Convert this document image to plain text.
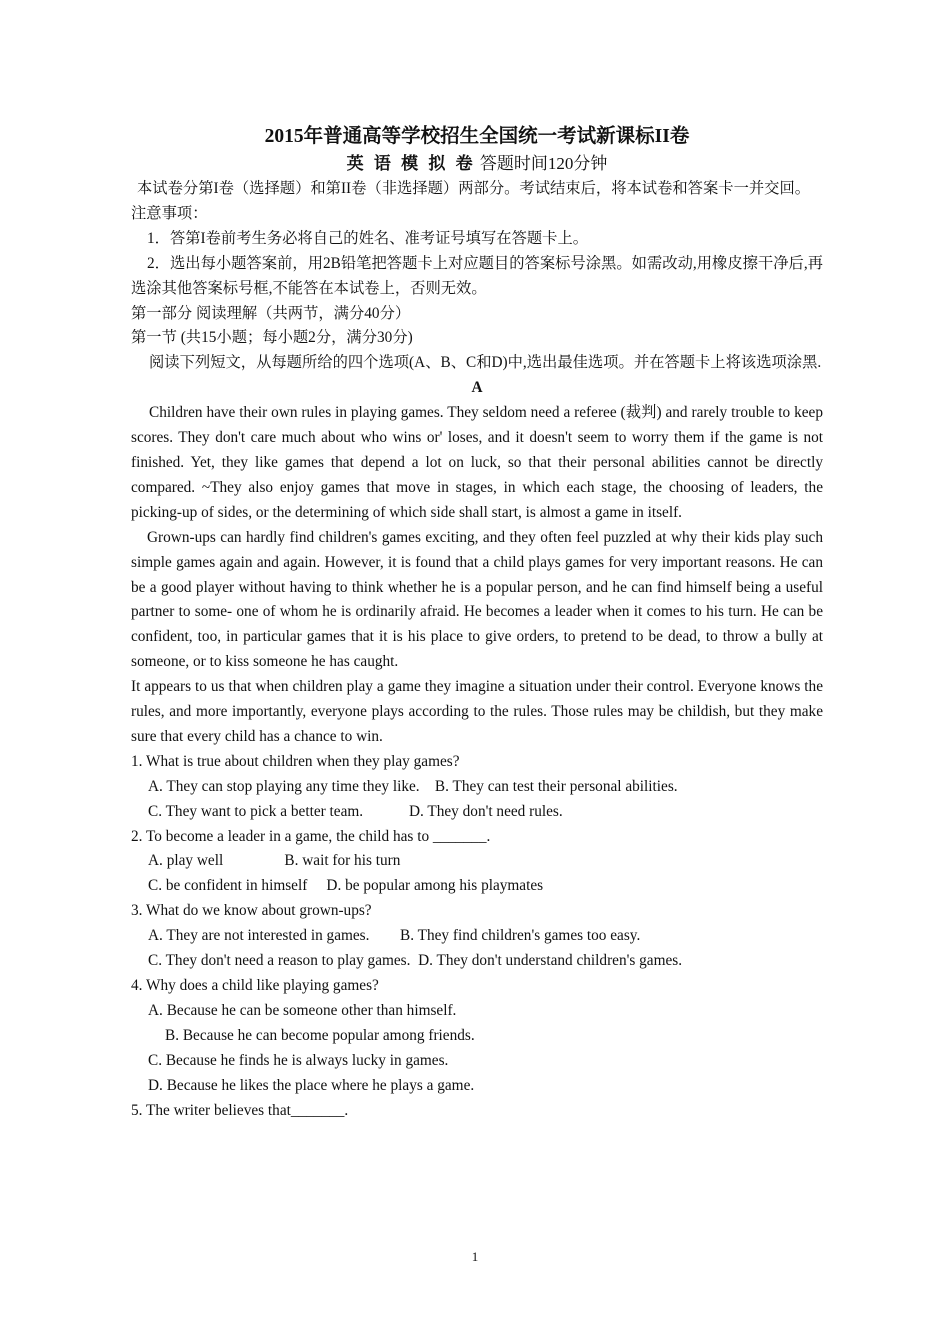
2015年普通高等学校招生全国统一考试新课标II卷
英 语 模 拟 卷 答题时间120分钟

本试卷分第I卷（选择题）和第II卷（非选择题）两部分。考试结束后，将本试卷和答案卡一并交回。

注意事项：

1．答第I卷前考生务必将自己的姓名、准考证号填写在答题卡上。

2．选出每小题答案前，用2B铅笔把答题卡上对应题目的答案标号涂黑。如需改动,用橡皮擦干净后,再选涂其他答案标号框,不能答在本试卷上，否则无效。

第一部分 阅读理解（共两节，满分40分）

第一节 (共15小题；每小题2分，满分30分)

阅读下列短文，从每题所给的四个选项(A、B、C和D)中,选出最佳选项。并在答题卡上将该选项涂黑.

A

Children have their own rules in playing games. They seldom need a referee (裁判) and rarely trouble to keep scores. They don't care much about who wins or' loses, and it doesn't seem to worry them if the game is not finished. Yet, they like games that depend a lot on luck, so that their personal abilities cannot be directly compared. ~They also enjoy games that move in stages, in which each stage, the choosing of leaders, the picking-up of sides, or the determining of which side shall start, is almost a game in itself.

Grown-ups can hardly find children's games exciting, and they often feel puzzled at why their kids play such simple games again and again. However, it is found that a child plays games for very important reasons. He can be a good player without having to think whether he is a popular person, and he can find himself being a useful partner to some- one of whom he is ordinarily afraid. He becomes a leader when it comes to his turn. He can be confident, too, in particular games that it is his place to give orders, to pretend to be dead, to throw a bully at someone, or to kiss someone he has caught.

It appears to us that when children play a game they imagine a situation under their control. Everyone knows the rules, and more importantly, everyone plays according to the rules. Those rules may be childish, but they make sure that every child has a chance to win.

1. What is true about children when they play games?

A. They can stop playing any time they like.    B. They can test their personal abilities.

C. They want to pick a better team.            D. They don't need rules.

2. To become a leader in a game, the child has to _______.

A. play well                B. wait for his turn

C. be confident in himself     D. be popular among his playmates

3. What do we know about grown-ups?

A. They are not interested in games.        B. They find children's games too easy.

C. They don't need a reason to play games.  D. They don't understand children's games.

4. Why does a child like playing games?

A. Because he can be someone other than himself.

B. Because he can become popular among friends.

C. Because he finds he is always lucky in games.

D. Because he likes the place where he plays a game.

5. The writer believes that_______.

1
